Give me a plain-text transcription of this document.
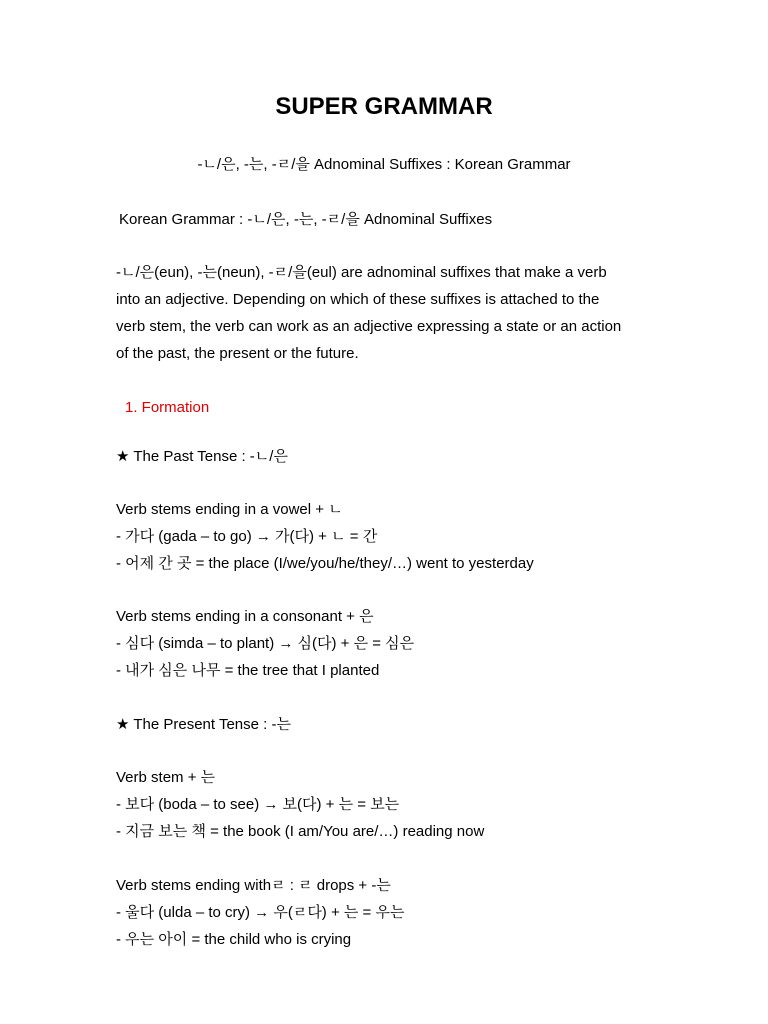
SUPER GRAMMAR
-ㄴ/은, -는, -ㄹ/을 Adnominal Suffixes : Korean Grammar
Korean Grammar : -ㄴ/은, -는, -ㄹ/을 Adnominal Suffixes
-ㄴ/은(eun), -는(neun), -ㄹ/을(eul) are adnominal suffixes that make a verb
into an adjective. Depending on which of these suffixes is attached to the
verb stem, the verb can work as an adjective expressing a state or an action
of the past, the present or the future.
1. Formation
★ The Past Tense : -ㄴ/은
Verb stems ending in a vowel + ㄴ
- 가다 (gada – to go) → 가(다) + ㄴ = 간
- 어제 간 곳 = the place (I/we/you/he/they/…) went to yesterday
Verb stems ending in a consonant + 은
- 심다 (simda – to plant) → 심(다) + 은 = 심은
- 내가 심은 나무 = the tree that I planted
★ The Present Tense : -는
Verb stem + 는
- 보다 (boda – to see) → 보(다) + 는 = 보는
- 지금 보는 책 = the book (I am/You are/…) reading now
Verb stems ending withㄹ : ㄹ drops + -는
- 울다 (ulda – to cry) → 우(ㄹ다) + 는 = 우는
- 우는 아이 = the child who is crying
